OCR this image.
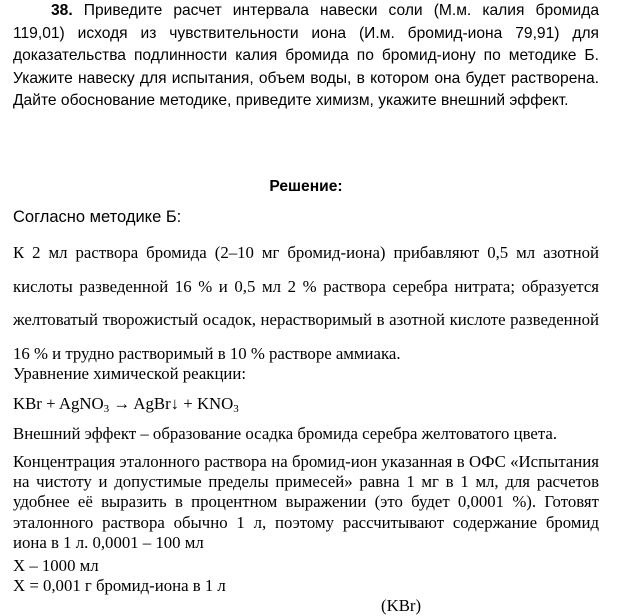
38. Приведите расчет интервала навески соли (М.м. калия бромида 119,01) исходя из чувствительности иона (И.м. бромид-иона 79,91) для доказательства подлинности калия бромида по бромид-иону по методике Б. Укажите навеску для испытания, объем воды, в котором она будет растворена. Дайте обоснование методике, приведите химизм, укажите внешний эффект.

Решение:

Согласно методике Б:

К 2 мл раствора бромида (2–10 мг бромид-иона) прибавляют 0,5 мл азотной кислоты разведенной 16 % и 0,5 мл 2 % раствора серебра нитрата; образуется желтоватый творожистый осадок, нерастворимый в азотной кислоте разведенной 16 % и трудно растворимый в 10 % растворе аммиака.

Уравнение химической реакции:

KBr + AgNO$_3$ → AgBr↓ + $KNO_3$

Внешний эффект – образование осадка бромида серебра желтоватого цвета.

Концентрация эталонного раствора на бромид-ион указанная в ОФС «Испытания на чистоту и допустимые пределы примесей» равна 1 мг в 1 мл, для расчетов удобнее её выразить в процентном выражении (это будет 0,0001 %). Готовят эталонного раствора обычно 1 л, поэтому рассчитывают содержание бромид иона в 1 л. 0,0001 – 100 мл

Х – 1000 мл

Х = 0,001 г бромид-иона в 1 л

(KBr)
